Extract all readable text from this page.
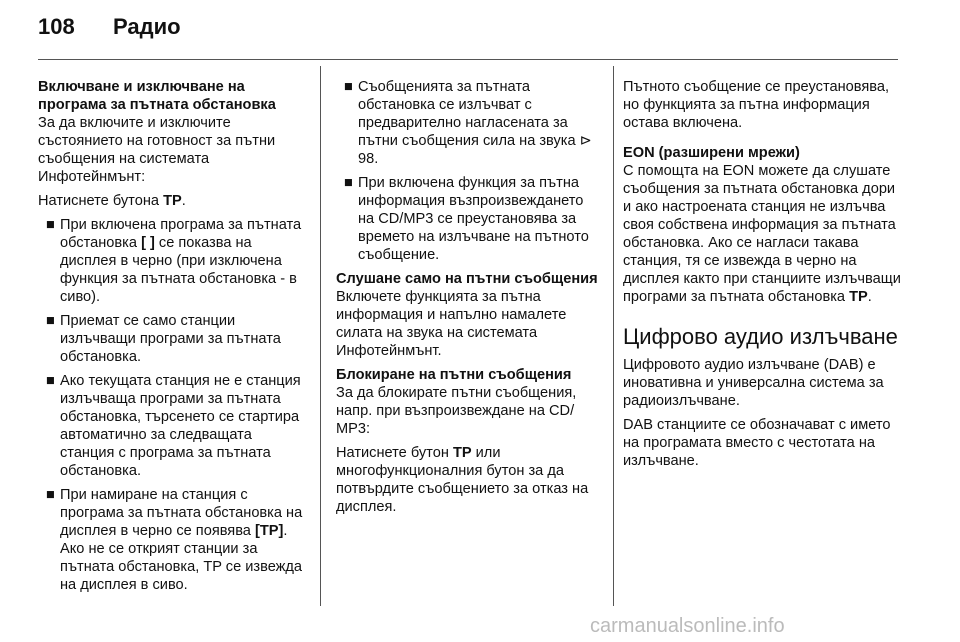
108 Радио

Включване и изключване на програма за пътната обстановка

За да включите и изключите състоянието на готовност за пътни съобщения на системата Инфотейнмънт:

Натиснете бутона TP.

■ При включена програма за пътната обстановка [ ] се показва на дисплея в черно (при изключена функция за пътната обстановка - в сиво).
■ Приемат се само станции излъчващи програми за пътната обстановка.
■ Ако текущата станция не е станция излъчваща програми за пътната обстановка, търсенето се стартира автоматично за следващата станция с програма за пътната обстановка.
■ При намиране на станция с програма за пътната обстановка на дисплея в черно се появява [TP]. Ако не се открият станции за пътната обстановка, TP се извежда на дисплея в сиво.
■ Съобщенията за пътната обстановка се излъчват с предварително нагласената за пътни съобщения сила на звука ⊳ 98.
■ При включена функция за пътна информация възпроизвеждането на CD/MP3 се преустановява за времето на излъчване на пътното съобщение.

Слушане само на пътни съобщения

Включете функцията за пътна информация и напълно намалете силата на звука на системата Инфотейнмънт.

Блокиране на пътни съобщения

За да блокирате пътни съобщения, напр. при възпроизвеждане на CD/ MP3:

Натиснете бутон TP или многофункционалния бутон за да потвърдите съобщението за отказ на дисплея.

Пътното съобщение се преустановява, но функцията за пътна информация остава включена.

EON (разширени мрежи)

С помощта на EON можете да слушате съобщения за пътната обстановка дори и ако настроената станция не излъчва своя собствена информация за пътната обстановка. Ако се нагласи такава станция, тя се извежда в черно на дисплея както при станциите излъчващи програми за пътната обстановка TP.

Цифрово аудио излъчване

Цифровото аудио излъчване (DAB) е иновативна и универсална система за радиоизлъчване.

DAB станциите се обозначават с името на програмата вместо с честотата на излъчване.

carmanualsonline.info
